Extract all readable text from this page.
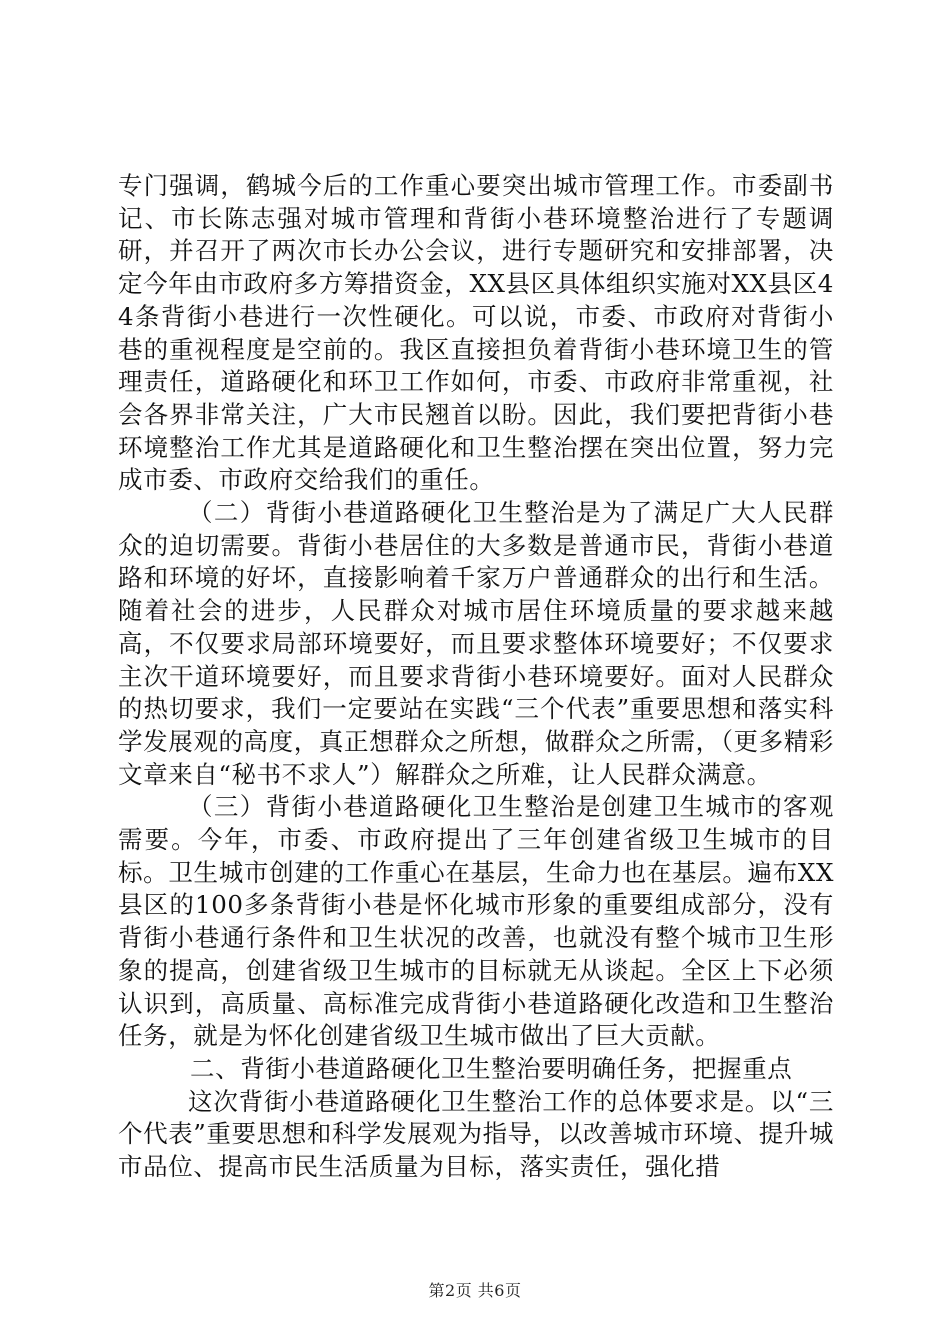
专门强调，鹤城今后的工作重心要突出城市管理工作。市委副书记、市长陈志强对城市管理和背街小巷环境整治进行了专题调研，并召开了两次市长办公会议，进行专题研究和安排部署，决定今年由市政府多方筹措资金，XX县区具体组织实施对XX县区44条背街小巷进行一次性硬化。可以说，市委、市政府对背街小巷的重视程度是空前的。我区直接担负着背街小巷环境卫生的管理责任，道路硬化和环卫工作如何，市委、市政府非常重视，社会各界非常关注，广大市民翘首以盼。因此，我们要把背街小巷环境整治工作尤其是道路硬化和卫生整治摆在突出位置，努力完成市委、市政府交给我们的重任。

（二）背街小巷道路硬化卫生整治是为了满足广大人民群众的迫切需要。背街小巷居住的大多数是普通市民，背街小巷道路和环境的好坏，直接影响着千家万户普通群众的出行和生活。随着社会的进步，人民群众对城市居住环境质量的要求越来越高，不仅要求局部环境要好，而且要求整体环境要好；不仅要求主次干道环境要好，而且要求背街小巷环境要好。面对人民群众的热切要求，我们一定要站在实践“三个代表”重要思想和落实科学发展观的高度，真正想群众之所想，做群众之所需，（更多精彩文章来自“秘书不求人”）解群众之所难，让人民群众满意。

（三）背街小巷道路硬化卫生整治是创建卫生城市的客观需要。今年，市委、市政府提出了三年创建省级卫生城市的目标。卫生城市创建的工作重心在基层，生命力也在基层。遍布XX县区的100多条背街小巷是怀化城市形象的重要组成部分，没有背街小巷通行条件和卫生状况的改善，也就没有整个城市卫生形象的提高，创建省级卫生城市的目标就无从谈起。全区上下必须认识到，高质量、高标准完成背街小巷道路硬化改造和卫生整治任务，就是为怀化创建省级卫生城市做出了巨大贡献。

二、背街小巷道路硬化卫生整治要明确任务，把握重点

这次背街小巷道路硬化卫生整治工作的总体要求是。以“三个代表”重要思想和科学发展观为指导，以改善城市环境、提升城市品位、提高市民生活质量为目标，落实责任，强化措

第2页 共6页
